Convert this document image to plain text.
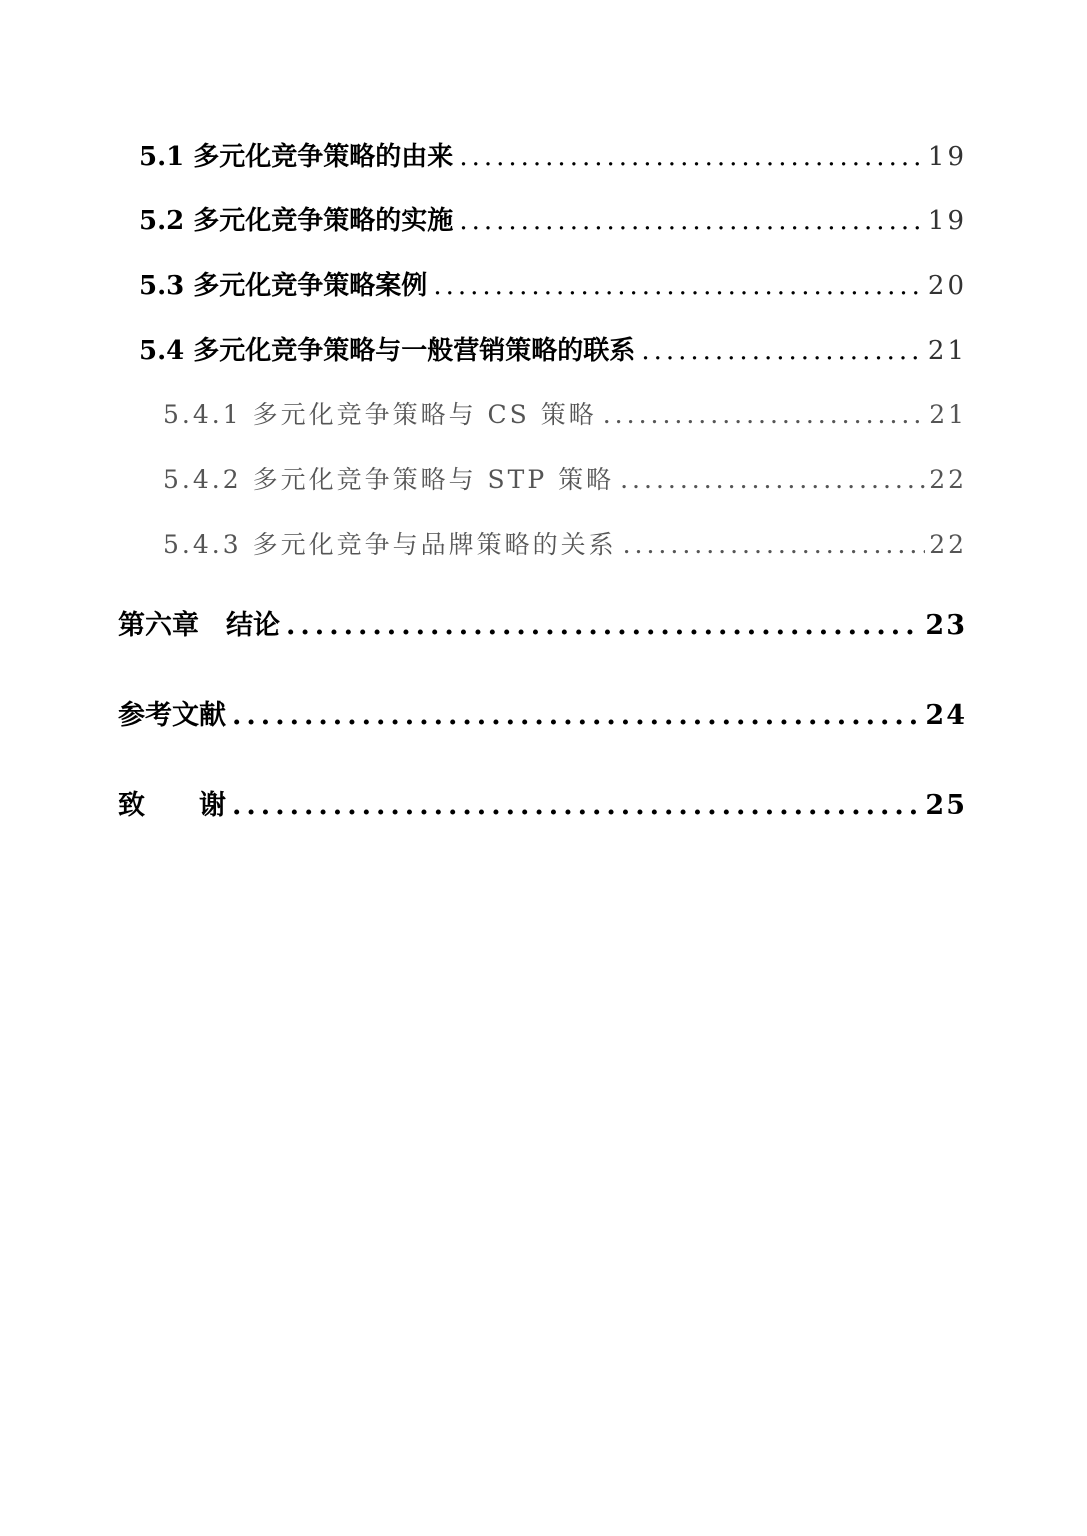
5.1 多元化竞争策略的由来 .....	19
5.2 多元化竞争策略的实施 .....	19
5.3 多元化竞争策略案例 .....	20
5.4 多元化竞争策略与一般营销策略的联系 .....	21
5.4.1 多元化竞争策略与 CS 策略 .....	21
5.4.2 多元化竞争策略与 STP 策略 .....	22
5.4.3 多元化竞争与品牌策略的关系 .....	22
第六章  结论 .....	23
参考文献 .....	24
致　　谢 .....	25
